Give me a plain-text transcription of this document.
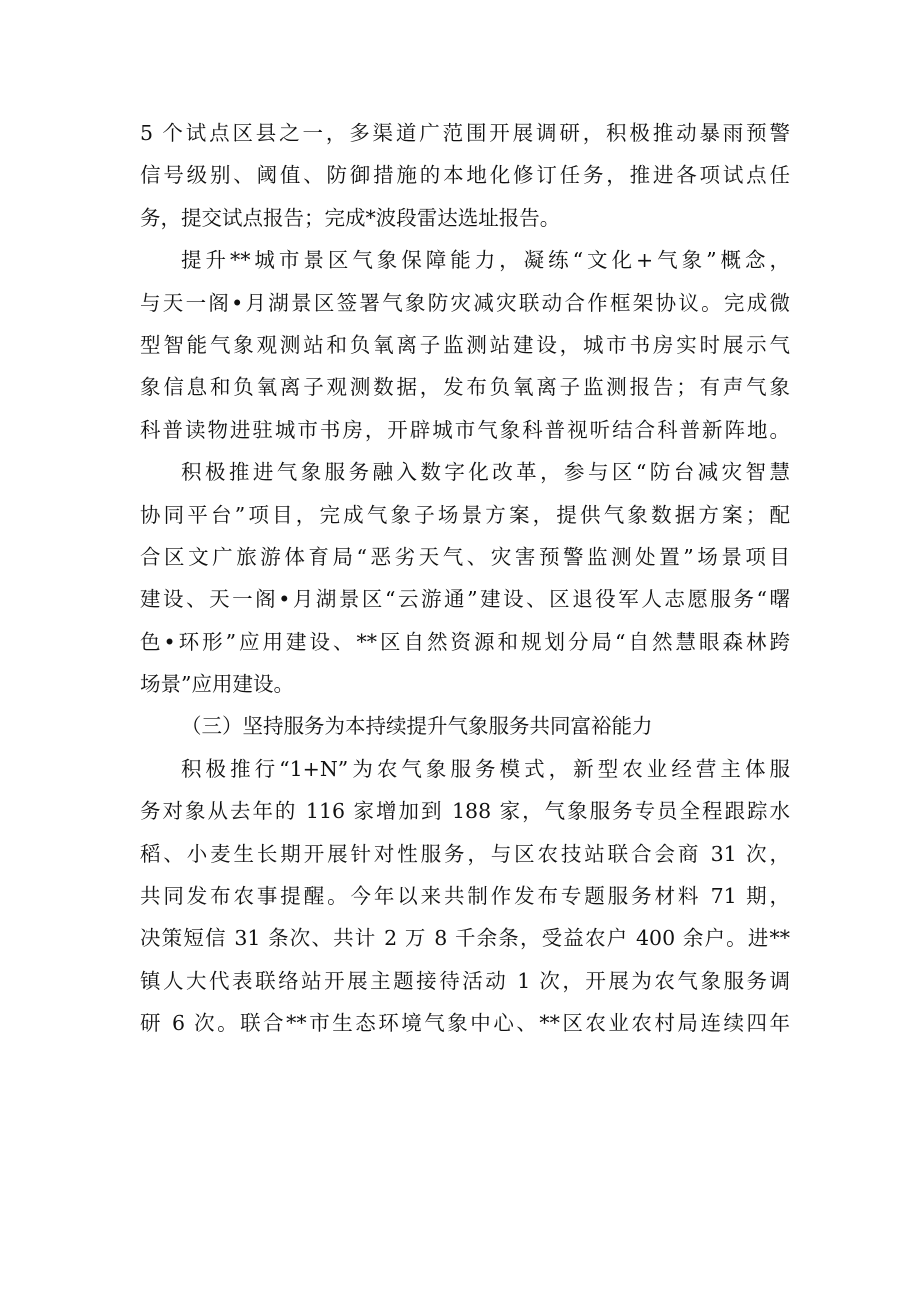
5 个试点区县之一，多渠道广范围开展调研，积极推动暴雨预警
信号级别、阈值、防御措施的本地化修订任务，推进各项试点任
务，提交试点报告；完成*波段雷达选址报告。
提升**城市景区气象保障能力，凝练“文化+气象”概念，
与天一阁•月湖景区签署气象防灾减灾联动合作框架协议。完成微
型智能气象观测站和负氧离子监测站建设，城市书房实时展示气
象信息和负氧离子观测数据，发布负氧离子监测报告；有声气象
科普读物进驻城市书房，开辟城市气象科普视听结合科普新阵地。
积极推进气象服务融入数字化改革，参与区“防台减灾智慧
协同平台”项目，完成气象子场景方案，提供气象数据方案；配
合区文广旅游体育局“恶劣天气、灾害预警监测处置”场景项目
建设、天一阁•月湖景区“云游通”建设、区退役军人志愿服务“曙
色•环形”应用建设、**区自然资源和规划分局“自然慧眼森林跨
场景”应用建设。
（三）坚持服务为本持续提升气象服务共同富裕能力
积极推行“1+N”为农气象服务模式，新型农业经营主体服
务对象从去年的 116 家增加到 188 家，气象服务专员全程跟踪水
稻、小麦生长期开展针对性服务，与区农技站联合会商 31 次，
共同发布农事提醒。今年以来共制作发布专题服务材料 71 期，
决策短信 31 条次、共计 2 万 8 千余条，受益农户 400 余户。进**
镇人大代表联络站开展主题接待活动 1 次，开展为农气象服务调
研 6 次。联合**市生态环境气象中心、**区农业农村局连续四年
